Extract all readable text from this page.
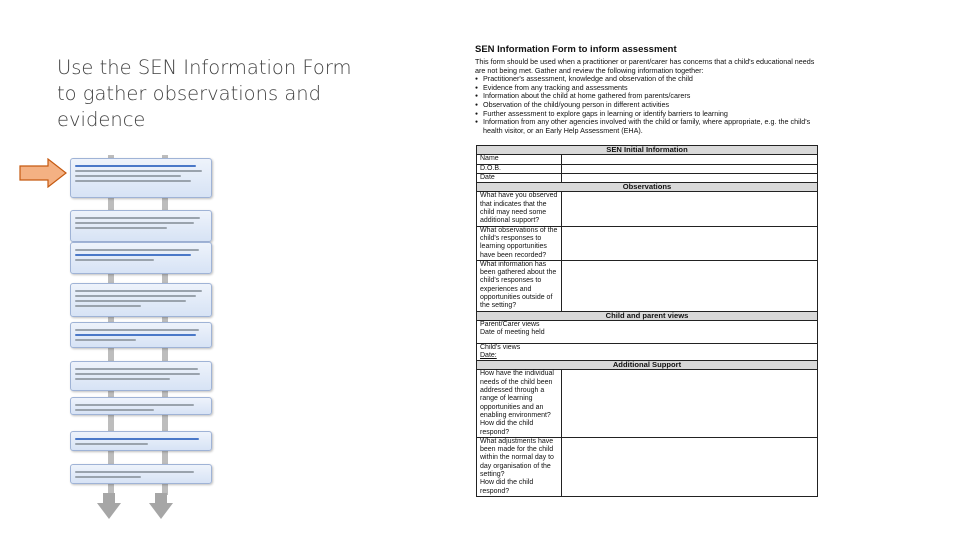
Use the SEN Information Form
to gather observations and
evidence
SEN Information Form to inform assessment

This form should be used when a practitioner or parent/carer has concerns that a child's educational needs are not being met. Gather and review the following information together:

● Practitioner's assessment, knowledge and observation of the child
● Evidence from any tracking and assessments
● Information about the child at home gathered from parents/carers
● Observation of the child/young person in different activities
● Further assessment to explore gaps in learning or identify barriers to learning
● Information from any other agencies involved with the child or family, where appropriate, e.g. the child's health visitor, or an Early Help Assessment (EHA).
SEN Initial Information	
Name	
D.O.B.	
Date	
Observations	
What have you observed that indicates that the child may need some additional support?	
What observations of the child's responses to learning opportunities have been recorded?	
What information has been gathered about the child's responses to experiences and opportunities outside of the setting?	
Child and parent views	
Parent/Carer views
Date of meeting held	

Child's views
Date:	
Additional Support	
How have the individual needs of the child been addressed through a range of learning opportunities and an enabling environment?
How did the child respond?	
What adjustments have been made for the child within the normal day to day organisation of the setting?
How did the child respond?	
